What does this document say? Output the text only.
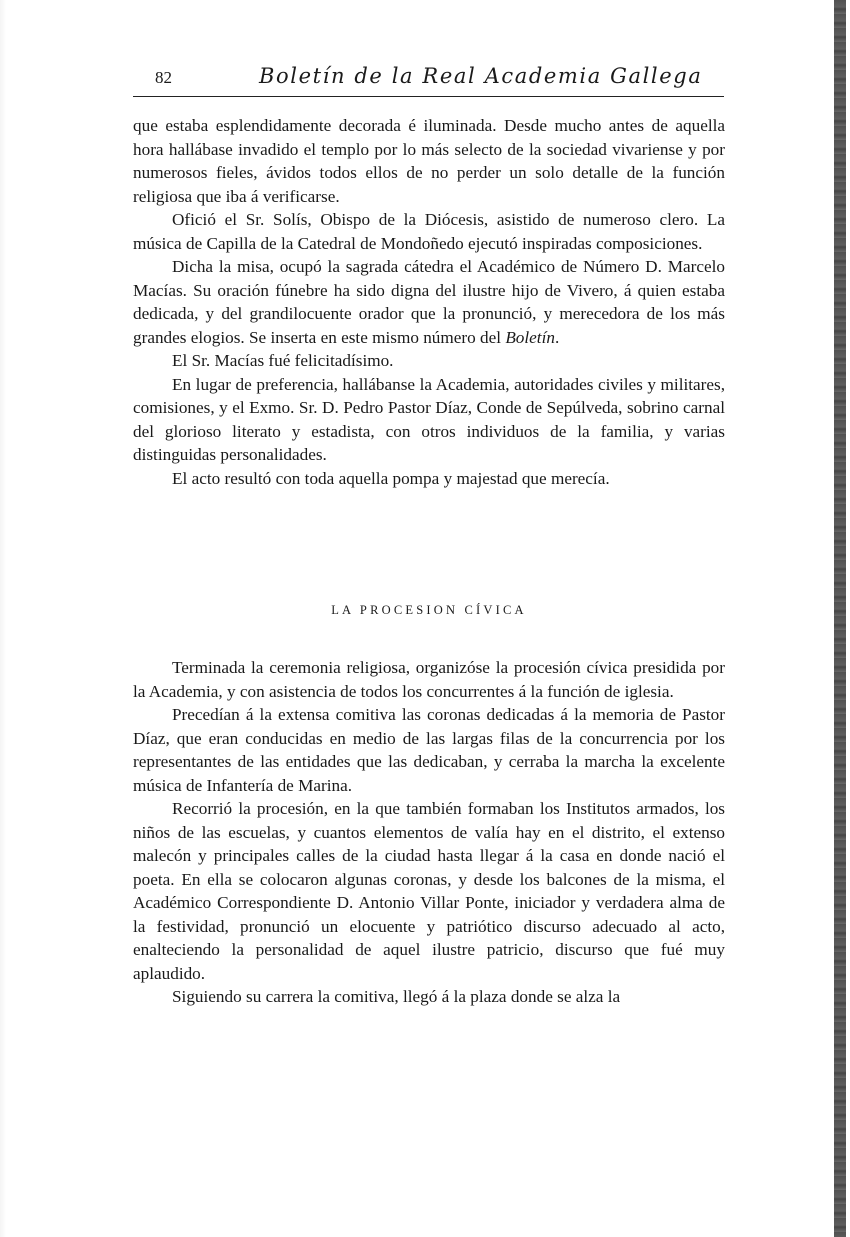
82	Boletín de la Real Academia Gallega

que estaba esplendidamente decorada é iluminada. Desde mucho antes de aquella hora hallábase invadido el templo por lo más selecto de la sociedad vivariense y por numerosos fieles, ávidos todos ellos de no perder un solo detalle de la función religiosa que iba á verificarse.

Ofició el Sr. Solís, Obispo de la Diócesis, asistido de numeroso clero. La música de Capilla de la Catedral de Mondoñedo ejecutó inspiradas composiciones.

Dicha la misa, ocupó la sagrada cátedra el Académico de Número D. Marcelo Macías. Su oración fúnebre ha sido digna del ilustre hijo de Vivero, á quien estaba dedicada, y del grandilocuente orador que la pronunció, y merecedora de los más grandes elogios. Se inserta en este mismo número del Boletín.

El Sr. Macías fué felicitadísimo.

En lugar de preferencia, hallábanse la Academia, autoridades civiles y militares, comisiones, y el Exmo. Sr. D. Pedro Pastor Díaz, Conde de Sepúlveda, sobrino carnal del glorioso literato y estadista, con otros individuos de la familia, y varias distinguidas personalidades.

El acto resultó con toda aquella pompa y majestad que merecía.

LA PROCESION CÍVICA

Terminada la ceremonia religiosa, organizóse la procesión cívica presidida por la Academia, y con asistencia de todos los concurrentes á la función de iglesia.

Precedían á la extensa comitiva las coronas dedicadas á la memoria de Pastor Díaz, que eran conducidas en medio de las largas filas de la concurrencia por los representantes de las entidades que las dedicaban, y cerraba la marcha la excelente música de Infantería de Marina.

Recorrió la procesión, en la que también formaban los Institutos armados, los niños de las escuelas, y cuantos elementos de valía hay en el distrito, el extenso malecón y principales calles de la ciudad hasta llegar á la casa en donde nació el poeta. En ella se colocaron algunas coronas, y desde los balcones de la misma, el Académico Correspondiente D. Antonio Villar Ponte, iniciador y verdadera alma de la festividad, pronunció un elocuente y patriótico discurso adecuado al acto, enalteciendo la personalidad de aquel ilustre patricio, discurso que fué muy aplaudido.

Siguiendo su carrera la comitiva, llegó á la plaza donde se alza la
